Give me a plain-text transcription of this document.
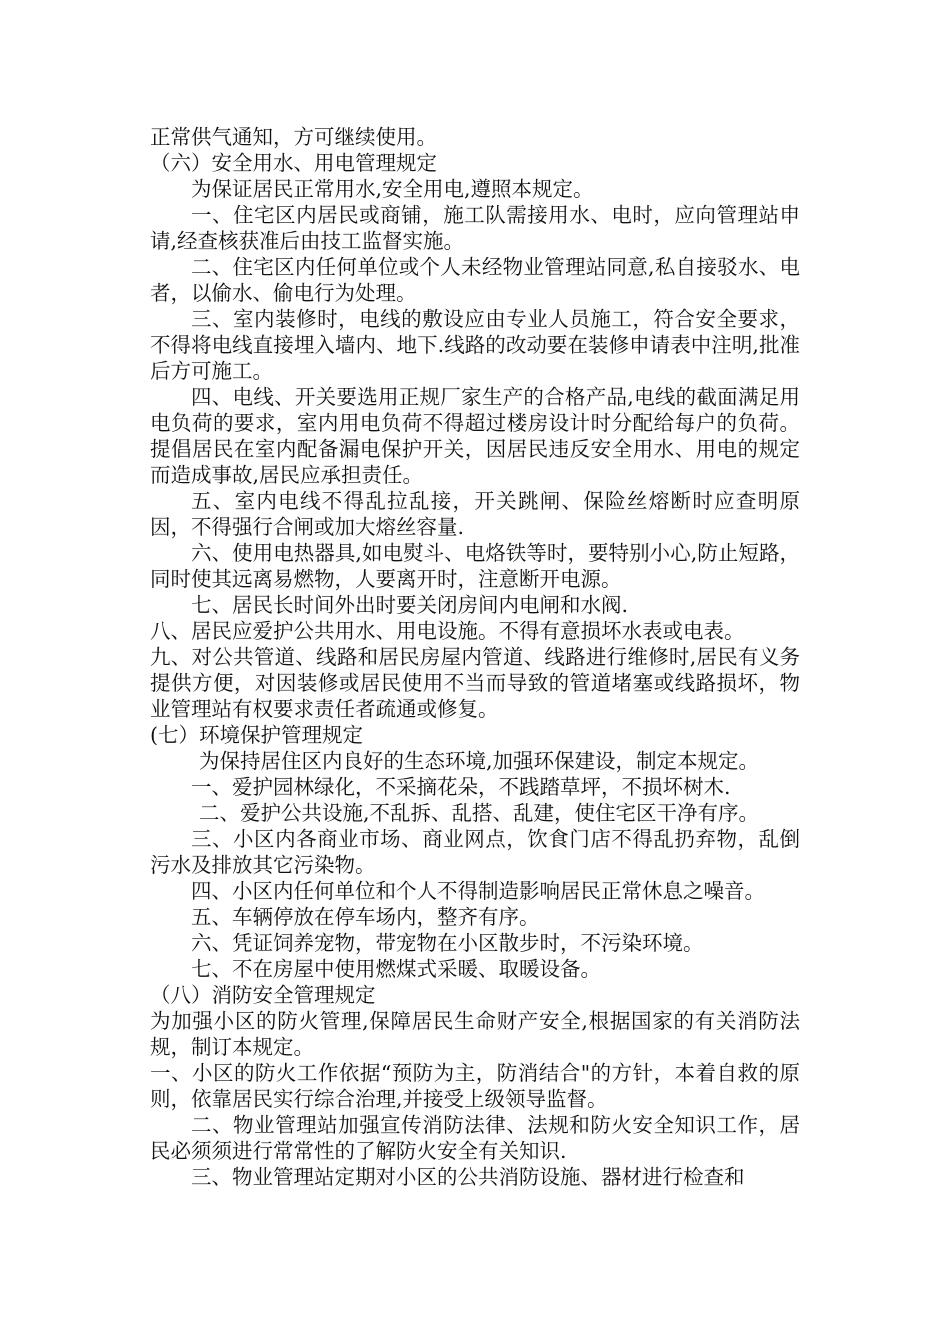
正常供气通知，方可继续使用。

（六）安全用水、用电管理规定

为保证居民正常用水,安全用电,遵照本规定。

一、住宅区内居民或商铺，施工队需接用水、电时，应向管理站申请,经查核获准后由技工监督实施。

二、住宅区内任何单位或个人未经物业管理站同意,私自接驳水、电者，以偷水、偷电行为处理。

三、室内装修时，电线的敷设应由专业人员施工，符合安全要求，不得将电线直接埋入墙内、地下.线路的改动要在装修申请表中注明,批准后方可施工。

四、电线、开关要选用正规厂家生产的合格产品,电线的截面满足用电负荷的要求，室内用电负荷不得超过楼房设计时分配给每户的负荷。提倡居民在室内配备漏电保护开关，因居民违反安全用水、用电的规定而造成事故,居民应承担责任。

五、室内电线不得乱拉乱接，开关跳闸、保险丝熔断时应查明原因，不得强行合闸或加大熔丝容量.

六、使用电热器具,如电熨斗、电烙铁等时，要特别小心,防止短路，同时使其远离易燃物，人要离开时，注意断开电源。

七、居民长时间外出时要关闭房间内电闸和水阀.

八、居民应爱护公共用水、用电设施。不得有意损坏水表或电表。

九、对公共管道、线路和居民房屋内管道、线路进行维修时,居民有义务提供方便，对因装修或居民使用不当而导致的管道堵塞或线路损坏，物业管理站有权要求责任者疏通或修复。

(七）环境保护管理规定

为保持居住区内良好的生态环境,加强环保建设，制定本规定。

一、爱护园林绿化，不采摘花朵，不践踏草坪，不损坏树木.

二、爱护公共设施,不乱拆、乱搭、乱建，使住宅区干净有序。

三、小区内各商业市场、商业网点，饮食门店不得乱扔弃物，乱倒污水及排放其它污染物。

四、小区内任何单位和个人不得制造影响居民正常休息之噪音。

五、车辆停放在停车场内，整齐有序。

六、凭证饲养宠物，带宠物在小区散步时，不污染环境。

七、不在房屋中使用燃煤式采暖、取暖设备。

（八）消防安全管理规定

为加强小区的防火管理,保障居民生命财产安全,根据国家的有关消防法规，制订本规定。

一、小区的防火工作依据“预防为主，防消结合"的方针，本着自救的原则，依靠居民实行综合治理,并接受上级领导监督。

二、物业管理站加强宣传消防法律、法规和防火安全知识工作，居民必须须进行常常性的了解防火安全有关知识.

三、物业管理站定期对小区的公共消防设施、器材进行检查和
